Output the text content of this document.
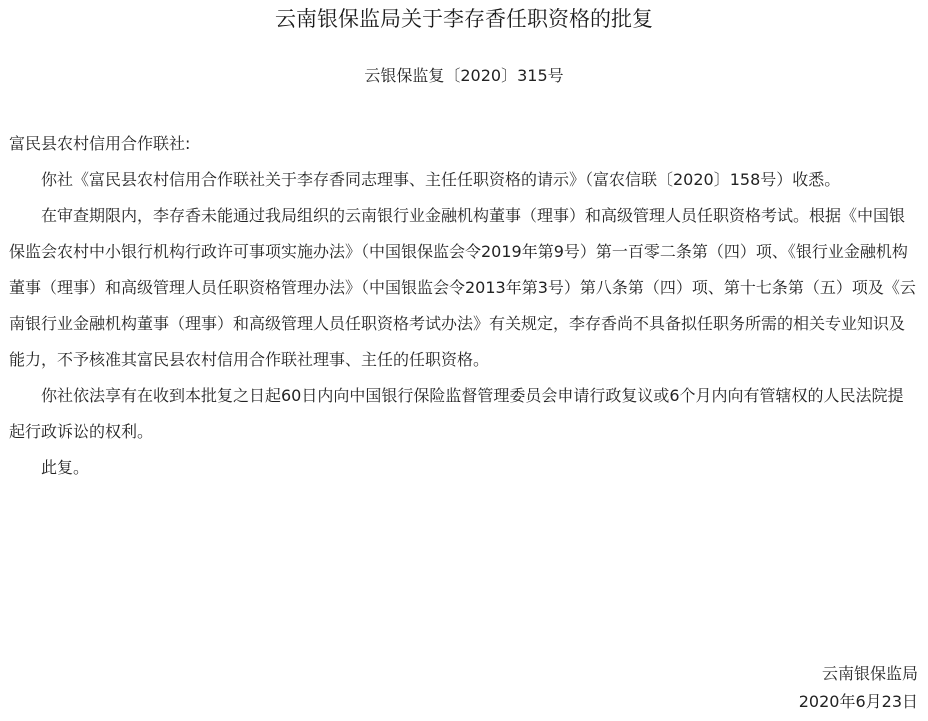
云南银保监局关于李存香任职资格的批复
云银保监复〔2020〕315号

富民县农村信用合作联社:

你社《富民县农村信用合作联社关于李存香同志理事、主任任职资格的请示》（富农信联〔2020〕158号）收悉。

在审查期限内，李存香未能通过我局组织的云南银行业金融机构董事（理事）和高级管理人员任职资格考试。根据《中国银保监会农村中小银行机构行政许可事项实施办法》（中国银保监会令2019年第9号）第一百零二条第（四）项、《银行业金融机构董事（理事）和高级管理人员任职资格管理办法》（中国银监会令2013年第3号）第八条第（四）项、第十七条第（五）项及《云南银行业金融机构董事（理事）和高级管理人员任职资格考试办法》有关规定，李存香尚不具备拟任职务所需的相关专业知识及能力，不予核准其富民县农村信用合作联社理事、主任的任职资格。

你社依法享有在收到本批复之日起60日内向中国银行保险监督管理委员会申请行政复议或6个月内向有管辖权的人民法院提起行政诉讼的权利。

此复。

云南银保监局
2020年6月23日
